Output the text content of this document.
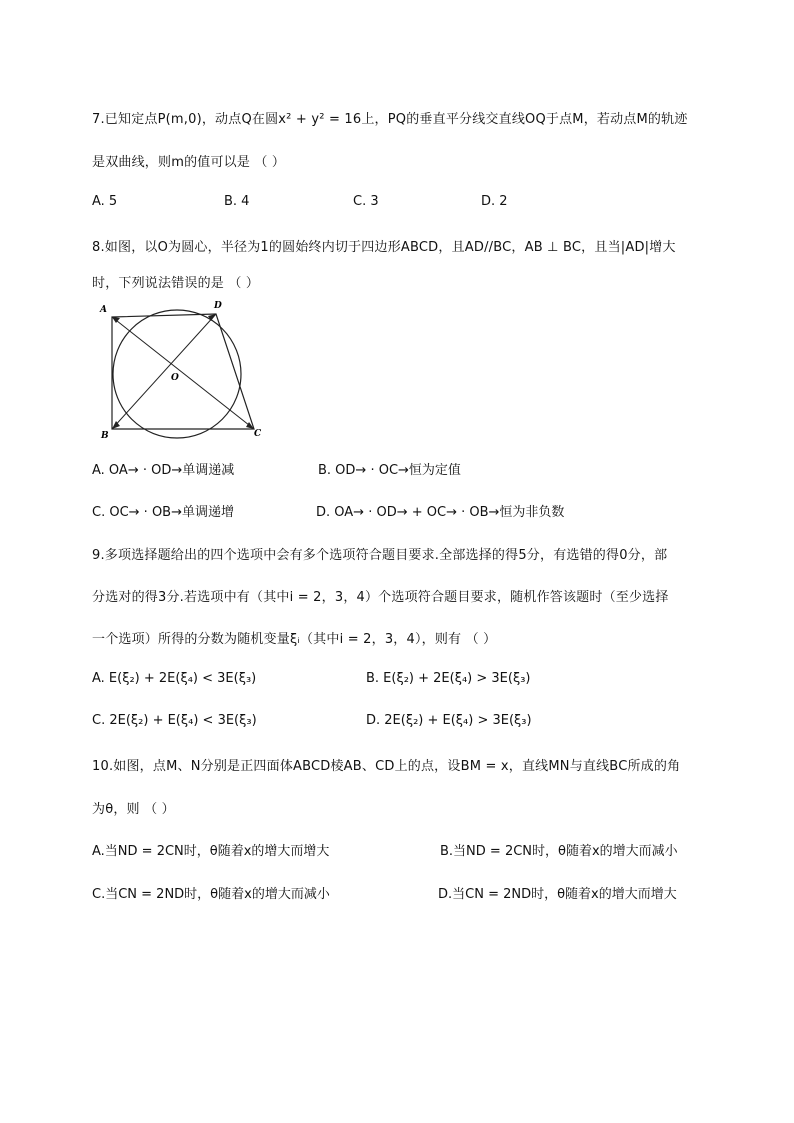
7.已知定点P(m,0)，动点Q在圆x² + y² = 16上，PQ的垂直平分线交直线OQ于点M，若动点M的轨迹
是双曲线，则m的值可以是 （ ）
A. 5	B. 4	C. 3	D. 2
8.如图，以O为圆心，半径为1的圆始终内切于四边形ABCD，且AD//BC，AB ⊥ BC，且当|AD|增大
时，下列说法错误的是 （ ）
A	D
B	C
O
A. OA→ · OD→单调递减	B. OD→ · OC→恒为定值
C. OC→ · OB→单调递增	D. OA→ · OD→ + OC→ · OB→恒为非负数
9.多项选择题给出的四个选项中会有多个选项符合题目要求.全部选择的得5分，有选错的得0分，部
分选对的得3分.若选项中有（其中i = 2，3，4）个选项符合题目要求，随机作答该题时（至少选择
一个选项）所得的分数为随机变量ξᵢ（其中i = 2，3，4），则有 （ ）
A. E(ξ₂) + 2E(ξ₄) < 3E(ξ₃)	B. E(ξ₂) + 2E(ξ₄) > 3E(ξ₃)
C. 2E(ξ₂) + E(ξ₄) < 3E(ξ₃)	D. 2E(ξ₂) + E(ξ₄) > 3E(ξ₃)
10.如图，点M、N分别是正四面体ABCD棱AB、CD上的点，设BM = x，直线MN与直线BC所成的角
为θ，则 （ ）
A.当ND = 2CN时，θ随着x的增大而增大	B.当ND = 2CN时，θ随着x的增大而减小
C.当CN = 2ND时，θ随着x的增大而减小	D.当CN = 2ND时，θ随着x的增大而增大
